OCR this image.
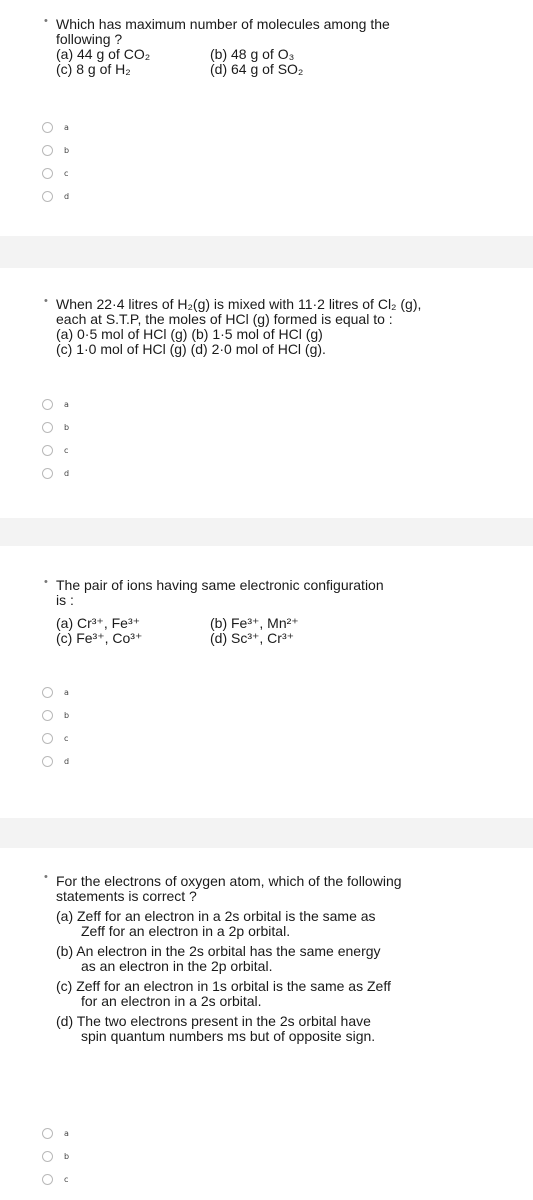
• Which has maximum number of molecules among the
following ?
(a) 44 g of CO₂	(b) 48 g of O₃
(c) 8 g of H₂	(d) 64 g of SO₂
a
b
c
d
• When 22·4 litres of H₂(g) is mixed with 11·2 litres of Cl₂ (g),
each at S.T.P, the moles of HCl (g) formed is equal to :
(a) 0·5 mol of HCl (g) (b) 1·5 mol of HCl (g)
(c) 1·0 mol of HCl (g) (d) 2·0 mol of HCl (g).
a
b
c
d
• The pair of ions having same electronic configuration
is :
(a) Cr³⁺, Fe³⁺	(b) Fe³⁺, Mn²⁺
(c) Fe³⁺, Co³⁺	(d) Sc³⁺, Cr³⁺
a
b
c
d
• For the electrons of oxygen atom, which of the following
statements is correct ?
(a) Zeff for an electron in a 2s orbital is the same as
Zeff for an electron in a 2p orbital.
(b) An electron in the 2s orbital has the same energy
as an electron in the 2p orbital.
(c) Zeff for an electron in 1s orbital is the same as Zeff
for an electron in a 2s orbital.
(d) The two electrons present in the 2s orbital have
spin quantum numbers ms but of opposite sign.
a
b
c
